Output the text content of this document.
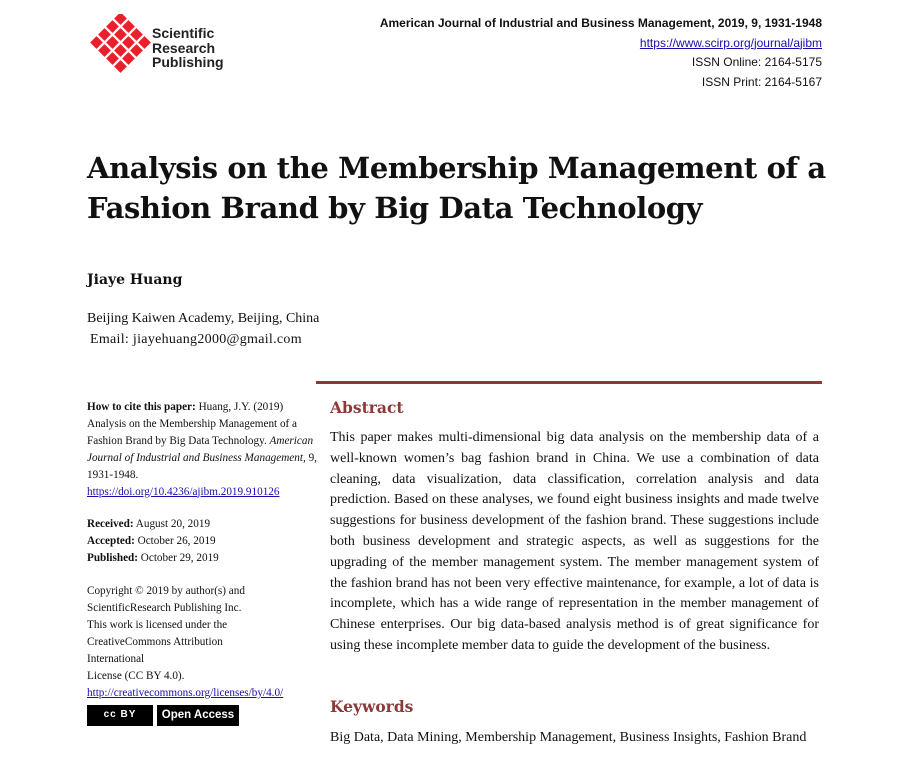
Scientific
Research
Publishing
American Journal of Industrial and Business Management, 2019, 9, 1931-1948
https://www.scirp.org/journal/ajibm
ISSN Online: 2164-5175
ISSN Print: 2164-5167
Analysis on the Membership Management of a
Fashion Brand by Big Data Technology
Jiaye Huang
Beijing Kaiwen Academy, Beijing, China
Email: jiayehuang2000@gmail.com

How to cite this paper: Huang, J.Y. (2019) Analysis on the Membership Management of a Fashion Brand by Big Data Technology. American Journal of Industrial and Business Management, 9, 1931-1948.
https://doi.org/10.4236/ajibm.2019.910126

Received: August 20, 2019
Accepted: October 26, 2019
Published: October 29, 2019

Copyright © 2019 by author(s) and
ScientificResearch Publishing Inc.
This work is licensed under the
CreativeCommons Attribution
International
License (CC BY 4.0).
http://creativecommons.org/licenses/by/4.0/

cc BY	Open Access
Abstract

This paper makes multi-dimensional big data analysis on the membership data of a well-known women’s bag fashion brand in China. We use a combination of data cleaning, data visualization, data classification, correlation analysis and data prediction. Based on these analyses, we found eight business insights and made twelve suggestions for business development of the fashion brand. These suggestions include both business development and strategic aspects, as well as suggestions for the upgrading of the member management system. The member management system of the fashion brand has not been very effective maintenance, for example, a lot of data is incomplete, which has a wide range of representation in the member management of Chinese enterprises. Our big data-based analysis method is of great significance for using these incomplete member data to guide the development of the business.

Keywords

Big Data, Data Mining, Membership Management, Business Insights, Fashion Brand
